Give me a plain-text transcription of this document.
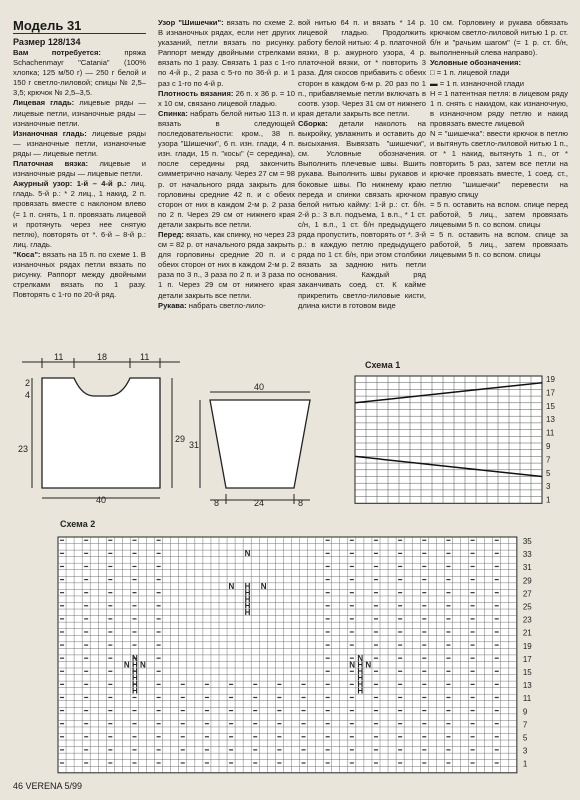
Модель 31

Размер 128/134

Вам потребуется: пряжа Schachenmayr "Catania" (100% хлопка; 125 м/50 г) — 250 г белой и 150 г светло-лиловой; спицы № 2,5–3,5; крючок № 2,5–3,5.

Лицевая гладь: лицевые ряды — лицевые петли, изнаночные ряды — изнаночные петли.

Изнаночная гладь: лицевые ряды — изнаночные петли, изнаночные ряды — лицевые петли.

Платочная вязка: лицевые и изнаночные ряды — лицевые петли.

Ажурный узор: 1-й – 4-й р.: лиц. гладь. 5-й р.: * 2 лиц., 1 накид, 2 п. провязать вместе с наклоном влево (= 1 п. снять, 1 п. провязать лицевой и протянуть через нее снятую петлю), повторять от *. 6-й – 8-й р.: лиц. гладь.

"Коса": вязать на 15 п. по схеме 1. В изнаночных рядах петли вязать по рисунку. Раппорт между двойными стрелками вязать по 1 разу. Повторять с 1-го по 20-й ряд.

Узор "Шишечки": вязать по схеме 2. В изнаночных рядах, если нет других указаний, петли вязать по рисунку. Раппорт между двойными стрелками вязать по 1 разу. Связать 1 раз с 1-го по 4-й р., 2 раза с 5-го по 36-й р. и 1 раз с 1-го по 4-й р.

Плотность вязания: 26 п. x 36 р. = 10 x 10 см, связано лицевой гладью.

Спинка: набрать белой нитью 113 п. и вязать в следующей последовательности: кром., 38 п. узора "Шишечки", 6 п. изн. глади, 4 п. изн. глади, 15 п. "косы" (= середина), после середины ряд закончить симметрично началу. Через 27 см = 98 р. от начального ряда закрыть для горловины средние 42 п. и с обеих сторон от них в каждом 2-м р. 2 раза по 2 п. Через 29 см от нижнего края детали закрыть все петли.

Перед: вязать, как спинку, но через 23 см = 82 р. от начального ряда закрыть для горловины средние 20 п. и с обеих сторон от них в каждом 2-м р. 2 раза по 3 п., 3 раза по 2 п. и 3 раза по 1 п. Через 29 см от нижнего края детали закрыть все петли.

Рукава: набрать светло-лило-

вой нитью 64 п. и вязать * 14 р. лицевой гладью. Продолжить работу белой нитью: 4 р. платочной вязки, 8 р. ажурного узора, 4 р. платочной вязки, от * повторить 3 раза. Для скосов прибавить с обеих сторон в каждом 6-м р. 20 раз по 1 п., прибавляемые петли включать в соотв. узор. Через 31 см от нижнего края детали закрыть все петли.

Сборка: детали наколоть на выкройку, увлажнить и оставить до высыхания. Вывязать "шишечки", см. Условные обозначения. Выполнить плечевые швы. Вшить рукава. Выполнить швы рукавов и боковые швы. По нижнему краю переда и спинки связать крючком белой нитью кайму: 1-й р.: ст. б/н. 2-й р.: 3 в.п. подъема, 1 в.п., * 1 ст. с/н, 1 в.п., 1 ст. б/н предыдущего ряда пропустить, повторять от *. 3-й р.: в каждую петлю предыдущего ряда по 1 ст. б/н, при этом столбики вязать за заднюю нить петли основания. Каждый ряд заканчивать соед. ст. К кайме прикрепить светло-лиловые кисти, длина кисти в готовом виде

10 см. Горловину и рукава обвязать крючком светло-лиловой нитью 1 р. ст. б/н и "рачьим шагом" (= 1 р. ст. б/н, выполненный слева направо).

Условные обозначения:

□ = 1 п. лицевой глади

▬ = 1 п. изнаночной глади

H = 1 патентная петля: в лицевом ряду 1 п. снять с накидом, как изнаночную, в изнаночном ряду петлю и накид провязать вместе лицевой

N = "шишечка": ввести крючок в петлю и вытянуть светло-лиловой нитью 1 п., от * 1 накид, вытянуть 1 п., от * повторить 5 раз, затем все петли на крючке провязать вместе, 1 соед. ст., петлю "шишечки" перевести на правую спицу

= 5 п. оставить на вспом. спице перед работой, 5 лиц., затем провязать лицевыми 5 п. со вспом. спицы

= 5 п. оставить на вспом. спице за работой, 5 лиц., затем провязать лицевыми 5 п. со вспом. спицы

11	18	11
2
4
23
29
40
40
31
8	24	8
Схема 1
19
17
15
13
11
9
7
5
3
1
Схема 2
N
N H N
H
H
H
H
N
N H N
H
H
H
H
N
N H N
H
H
H
H
35
33
31
29
27
25
23
21
19
17
15
13
11
9
7
5
3
1
46 VERENA 5/99
